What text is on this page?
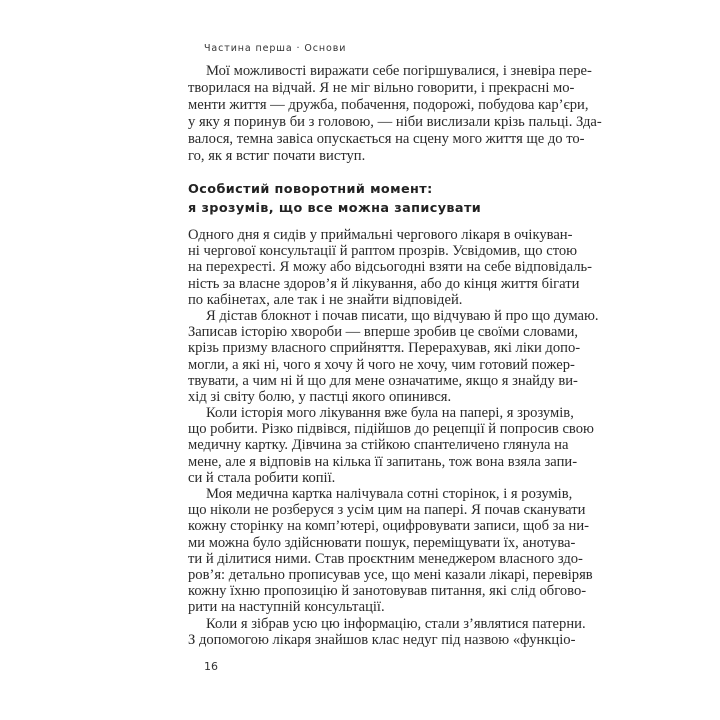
Частина перша · Основи
Мої можливості виражати себе погіршувалися, і зневіра пере-
творилася на відчай. Я не міг вільно говорити, і прекрасні мо-
менти життя — дружба, побачення, подорожі, побудова кар’єри,
у яку я поринув би з головою, — ніби вислизали крізь пальці. Зда-
валося, темна завіса опускається на сцену мого життя ще до то-
го, як я встиг почати виступ.
Особистий поворотний момент:
я зрозумів, що все можна записувати
Одного дня я сидів у приймальні чергового лікаря в очікуван-
ні чергової консультації й раптом прозрів. Усвідомив, що стою
на перехресті. Я можу або відсьогодні взяти на себе відповідаль-
ність за власне здоров’я й лікування, або до кінця життя бігати
по кабінетах, але так і не знайти відповідей.
Я дістав блокнот і почав писати, що відчуваю й про що думаю.
Записав історію хвороби — вперше зробив це своїми словами,
крізь призму власного сприйняття. Перерахував, які ліки допо-
могли, а які ні, чого я хочу й чого не хочу, чим готовий пожер-
твувати, а чим ні й що для мене означатиме, якщо я знайду ви-
хід зі світу болю, у пастці якого опинився.
Коли історія мого лікування вже була на папері, я зрозумів,
що робити. Різко підвівся, підійшов до рецепції й попросив свою
медичну картку. Дівчина за стійкою спантеличено глянула на
мене, але я відповів на кілька її запитань, тож вона взяла запи-
си й стала робити копії.
Моя медична картка налічувала сотні сторінок, і я розумів,
що ніколи не розберуся з усім цим на папері. Я почав сканувати
кожну сторінку на комп’ютері, оцифровувати записи, щоб за ни-
ми можна було здійснювати пошук, переміщувати їх, анотува-
ти й ділитися ними. Став проєктним менеджером власного здо-
ров’я: детально прописував усе, що мені казали лікарі, перевіряв
кожну їхню пропозицію й занотовував питання, які слід обгово-
рити на наступній консультації.
Коли я зібрав усю цю інформацію, стали з’являтися патерни.
З допомогою лікаря знайшов клас недуг під назвою «функціо-
16
